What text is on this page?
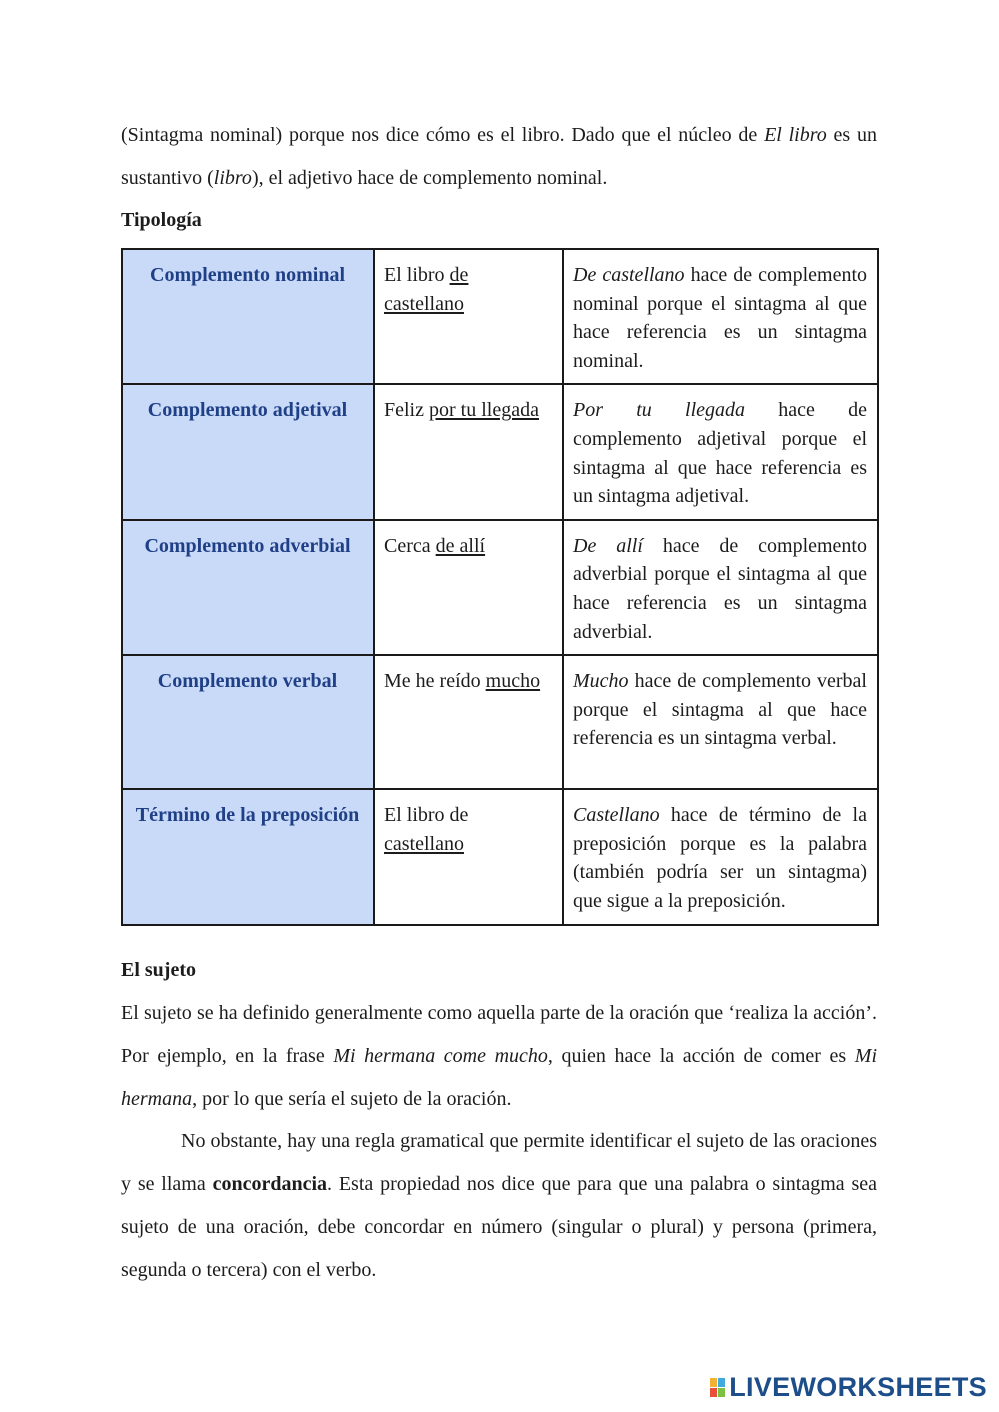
(Sintagma nominal) porque nos dice cómo es el libro. Dado que el núcleo de El libro es un sustantivo (libro), el adjetivo hace de complemento nominal.

Tipología

Complemento nominal	El libro de castellano	De castellano hace de complemento nominal porque el sintagma al que hace referencia es un sintagma nominal.
Complemento adjetival	Feliz por tu llegada	Por tu llegada hace de complemento adjetival porque el sintagma al que hace referencia es un sintagma adjetival.
Complemento adverbial	Cerca de allí	De allí hace de complemento adverbial porque el sintagma al que hace referencia es un sintagma adverbial.
Complemento verbal	Me he reído mucho	Mucho hace de complemento verbal porque el sintagma al que hace referencia es un sintagma verbal.
Término de la preposición	El libro de castellano	Castellano hace de término de la preposición porque es la palabra (también podría ser un sintagma) que sigue a la preposición.

El sujeto

El sujeto se ha definido generalmente como aquella parte de la oración que ‘realiza la acción’. Por ejemplo, en la frase Mi hermana come mucho, quien hace la acción de comer es Mi hermana, por lo que sería el sujeto de la oración.

No obstante, hay una regla gramatical que permite identificar el sujeto de las oraciones y se llama concordancia. Esta propiedad nos dice que para que una palabra o sintagma sea sujeto de una oración, debe concordar en número (singular o plural) y persona (primera, segunda o tercera) con el verbo.

LIVEWORKSHEETS
